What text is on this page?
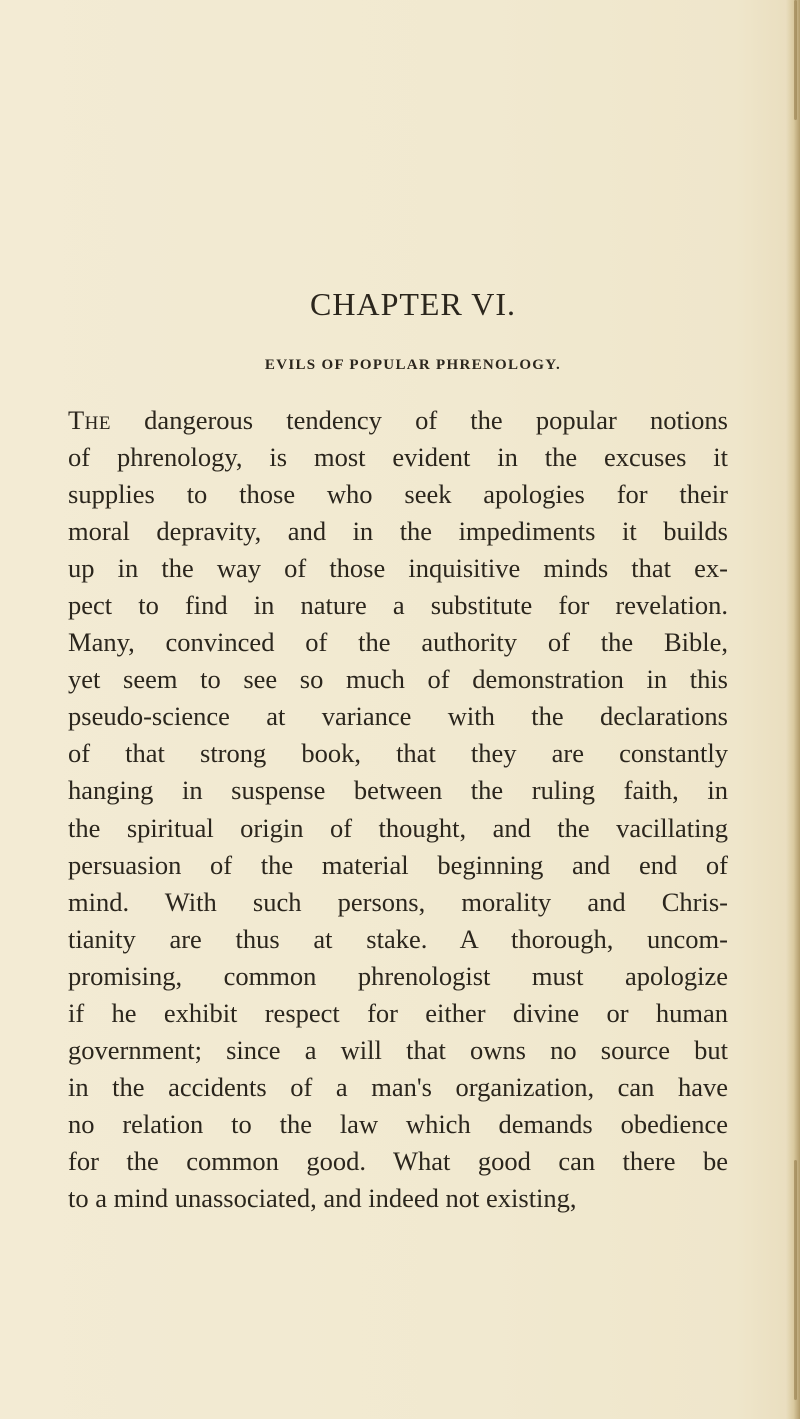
CHAPTER VI.
EVILS OF POPULAR PHRENOLOGY.
The dangerous tendency of the popular notions
of phrenology, is most evident in the excuses it
supplies to those who seek apologies for their
moral depravity, and in the impediments it builds
up in the way of those inquisitive minds that ex-
pect to find in nature a substitute for revelation.
Many, convinced of the authority of the Bible,
yet seem to see so much of demonstration in this
pseudo-science at variance with the declarations
of that strong book, that they are constantly
hanging in suspense between the ruling faith, in
the spiritual origin of thought, and the vacillating
persuasion of the material beginning and end of
mind. With such persons, morality and Chris-
tianity are thus at stake. A thorough, uncom-
promising, common phrenologist must apologize
if he exhibit respect for either divine or human
government; since a will that owns no source but
in the accidents of a man's organization, can have
no relation to the law which demands obedience
for the common good. What good can there be
to a mind unassociated, and indeed not existing,
